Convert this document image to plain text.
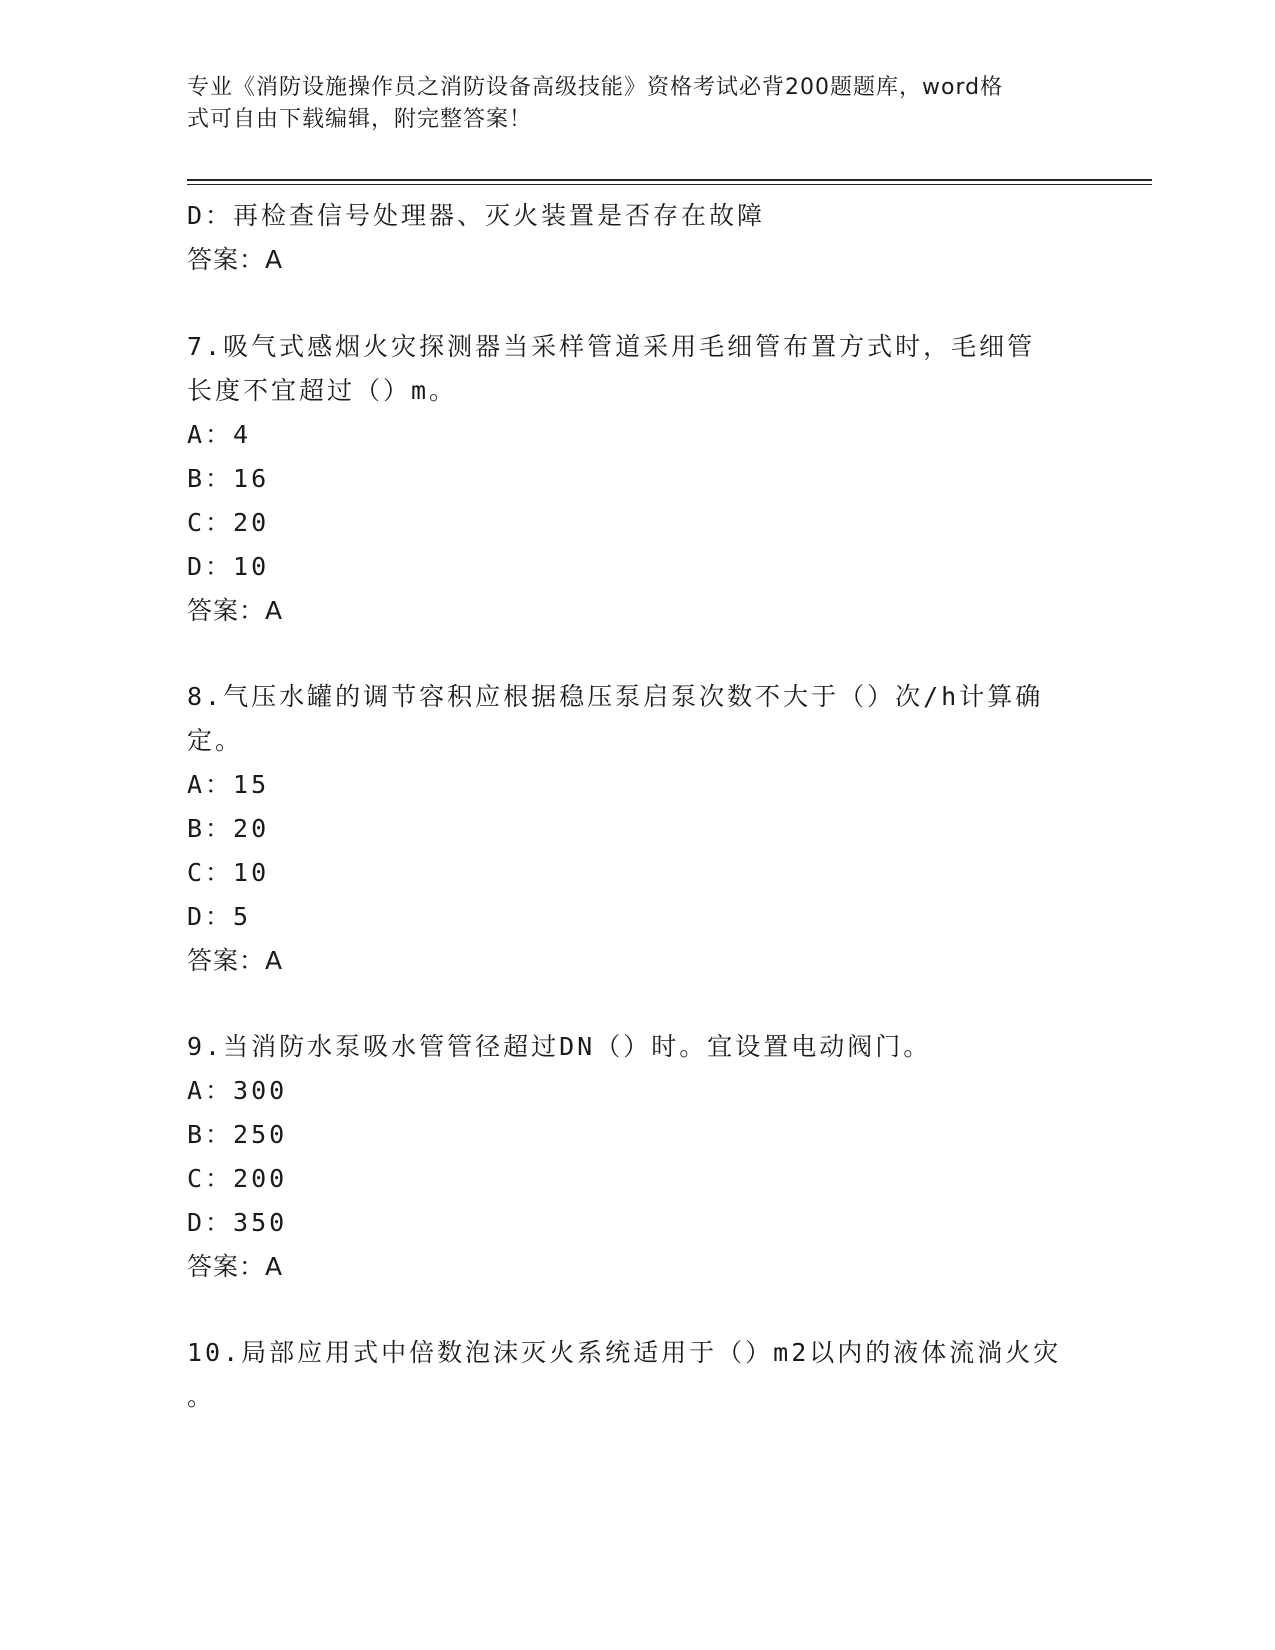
专业《消防设施操作员之消防设备高级技能》资格考试必背200题题库，word格
式可自由下载编辑，附完整答案！
D：再检查信号处理器、灭火装置是否存在故障
答案：A
7.吸气式感烟火灾探测器当采样管道采用毛细管布置方式时，毛细管
长度不宜超过（）m。
A：4
B：16
C：20
D：10
答案：A
8.气压水罐的调节容积应根据稳压泵启泵次数不大于（）次/h计算确
定。
A：15
B：20
C：10
D：5
答案：A
9.当消防水泵吸水管管径超过DN（）时。宜设置电动阀门。
A：300
B：250
C：200
D：350
答案：A
10.局部应用式中倍数泡沫灭火系统适用于（）m2以内的液体流淌火灾
。
